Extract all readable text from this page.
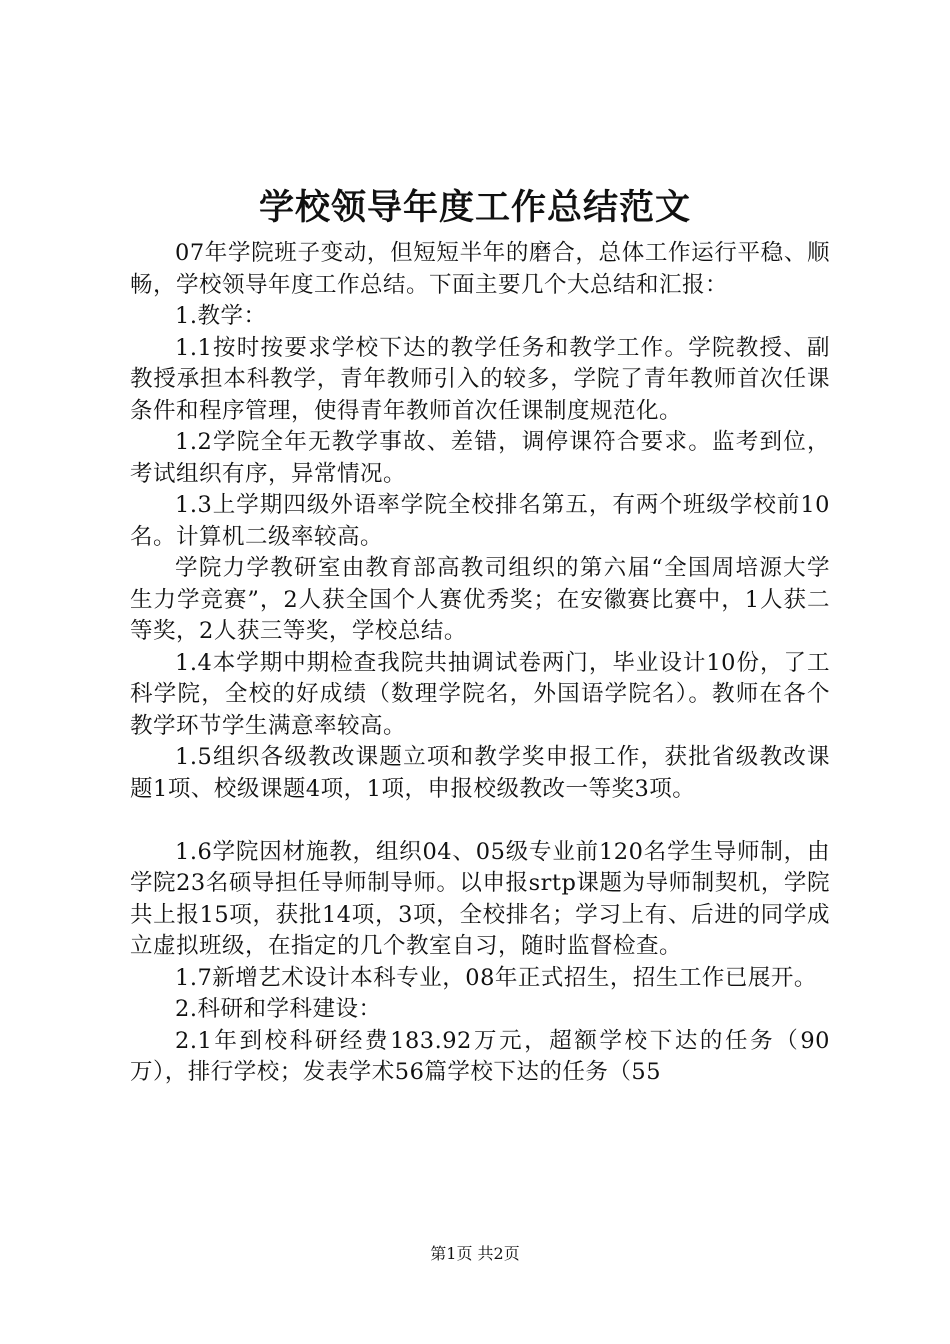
学校领导年度工作总结范文

07年学院班子变动，但短短半年的磨合，总体工作运行平稳、顺畅，学校领导年度工作总结。下面主要几个大总结和汇报：

1.教学：

1.1按时按要求学校下达的教学任务和教学工作。学院教授、副教授承担本科教学，青年教师引入的较多，学院了青年教师首次任课条件和程序管理，使得青年教师首次任课制度规范化。

1.2学院全年无教学事故、差错，调停课符合要求。监考到位，考试组织有序，异常情况。

1.3上学期四级外语率学院全校排名第五，有两个班级学校前10名。计算机二级率较高。

学院力学教研室由教育部高教司组织的第六届“全国周培源大学生力学竞赛”，2人获全国个人赛优秀奖；在安徽赛比赛中，1人获二等奖，2人获三等奖，学校总结。

1.4本学期中期检查我院共抽调试卷两门，毕业设计10份，了工科学院，全校的好成绩（数理学院名，外国语学院名）。教师在各个教学环节学生满意率较高。

1.5组织各级教改课题立项和教学奖申报工作，获批省级教改课题1项、校级课题4项，1项，申报校级教改一等奖3项。

1.6学院因材施教，组织04、05级专业前120名学生导师制，由学院23名硕导担任导师制导师。以申报srtp课题为导师制契机，学院共上报15项，获批14项，3项，全校排名；学习上有、后进的同学成立虚拟班级，在指定的几个教室自习，随时监督检查。

1.7新增艺术设计本科专业，08年正式招生，招生工作已展开。

2.科研和学科建设：

2.1年到校科研经费183.92万元，超额学校下达的任务（90万），排行学校；发表学术56篇学校下达的任务（55

第1页 共2页
